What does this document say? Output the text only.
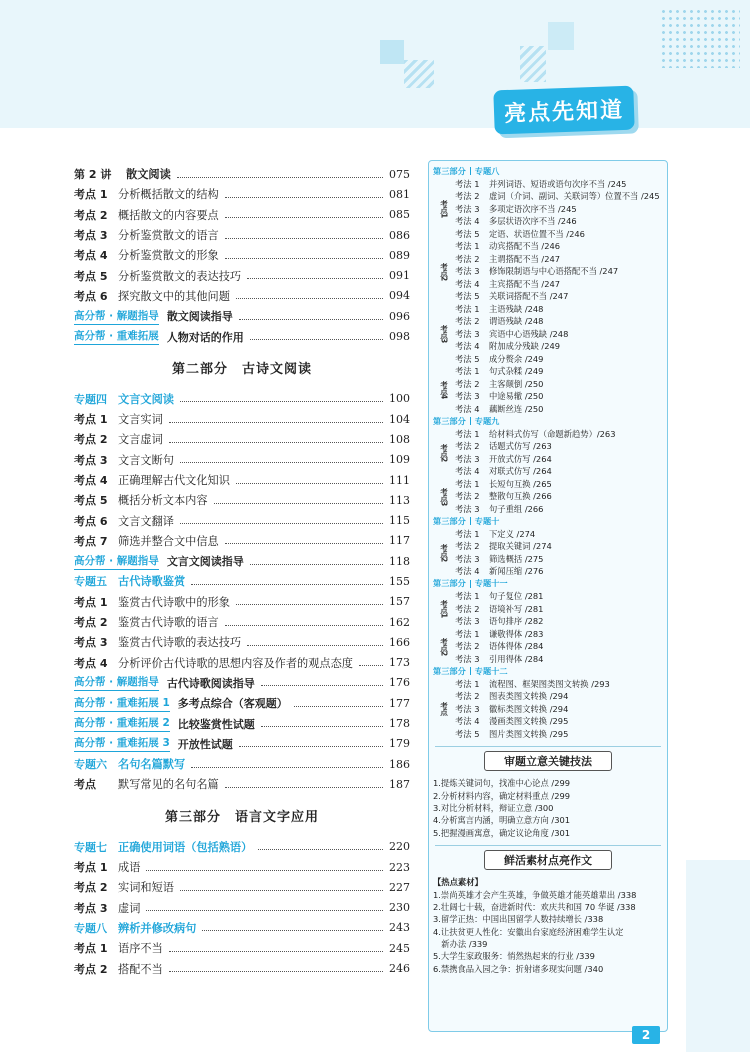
亮点先知道
第 2 讲	散文阅读	075
考点 1 分析概括散文的结构	081
考点 2 概括散文的内容要点	085
考点 3 分析鉴赏散文的语言	086
考点 4 分析鉴赏散文的形象	089
考点 5 分析鉴赏散文的表达技巧	091
考点 6 探究散文中的其他问题	094
高分帮 · 解题指导 散文阅读指导	096
高分帮 · 重难拓展 人物对话的作用	098
第二部分　古诗文阅读
专题四 文言文阅读	100
考点 1 文言实词	104
考点 2 文言虚词	108
考点 3 文言文断句	109
考点 4 正确理解古代文化知识	111
考点 5 概括分析文本内容	113
考点 6 文言文翻译	115
考点 7 筛选并整合文中信息	117
高分帮 · 解题指导 文言文阅读指导	118
专题五 古代诗歌鉴赏	155
考点 1 鉴赏古代诗歌中的形象	157
考点 2 鉴赏古代诗歌的语言	162
考点 3 鉴赏古代诗歌的表达技巧	166
考点 4 分析评价古代诗歌的思想内容及作者的观点态度	173
高分帮 · 解题指导 古代诗歌阅读指导	176
高分帮 · 重难拓展 1 多考点综合（客观题）	177
高分帮 · 重难拓展 2 比较鉴赏性试题	178
高分帮 · 重难拓展 3 开放性试题	179
专题六 名句名篇默写	186
考点	默写常见的名句名篇	187
第三部分　语言文字应用
专题七 正确使用词语（包括熟语）	220
考点 1 成语	223
考点 2 实词和短语	227
考点 3 虚词	230
专题八 辨析并修改病句	243
考点 1 语序不当	245
考点 2 搭配不当	246
第三部分 专题八
考点1
考法 1	并列词语、短语或语句次序不当 /245
考法 2	虚词（介词、副词、关联词等）位置不当 /245
考法 3	多项定语次序不当 /245
考法 4	多层状语次序不当 /246
考法 5	定语、状语位置不当 /246
考点2
考法 1	动宾搭配不当 /246
考法 2	主谓搭配不当 /247
考法 3	修饰限制语与中心语搭配不当 /247
考法 4	主宾搭配不当 /247
考法 5	关联词搭配不当 /247
考点3
考法 1	主语残缺 /248
考法 2	谓语残缺 /248
考法 3	宾语中心语残缺 /248
考法 4	附加成分残缺 /249
考法 5	成分赘余 /249
考点4
考法 1	句式杂糅 /249
考法 2	主客颠倒 /250
考法 3	中途易辙 /250
考法 4	藕断丝连 /250
第三部分 专题九
考点2
考法 1	给材料式仿写（命题新趋势）/263
考法 2	话题式仿写 /263
考法 3	开放式仿写 /264
考法 4	对联式仿写 /264
考点3
考法 1	长短句互换 /265
考法 2	整散句互换 /266
考法 3	句子重组 /266
第三部分 专题十
考点2
考法 1	下定义 /274
考法 2	提取关键词 /274
考法 3	筛选概括 /275
考法 4	新闻压缩 /276
第三部分 专题十一
考点1
考法 1	句子复位 /281
考法 2	语境补写 /281
考法 3	语句排序 /282
考点2
考法 1	谦敬得体 /283
考法 2	语体得体 /284
考法 3	引用得体 /284
第三部分 专题十二
考点
考法 1	流程图、框架图类图文转换 /293
考法 2	图表类图文转换 /294
考法 3	徽标类图文转换 /294
考法 4	漫画类图文转换 /295
考法 5	图片类图文转换 /295
审题立意关键技法
1.提炼关键词句，找准中心论点 /299
2.分析材料内容，确定材料重点 /299
3.对比分析材料，辩证立意 /300
4.分析寓言内涵，明确立意方向 /301
5.把握漫画寓意，确定议论角度 /301
鲜活素材点亮作文
【热点素材】
1.崇尚英雄才会产生英雄，争做英雄才能英雄辈出 /338
2.壮阔七十载，奋进新时代：欢庆共和国 70 华诞 /338
3.留学正热：中国出国留学人数持续增长 /338
4.让扶贫更人性化：安徽出台家庭经济困难学生认定
　新办法 /339
5.大学生家政服务：悄然热起来的行业 /339
6.禁携食品入园之争：折射诸多现实问题 /340
2
